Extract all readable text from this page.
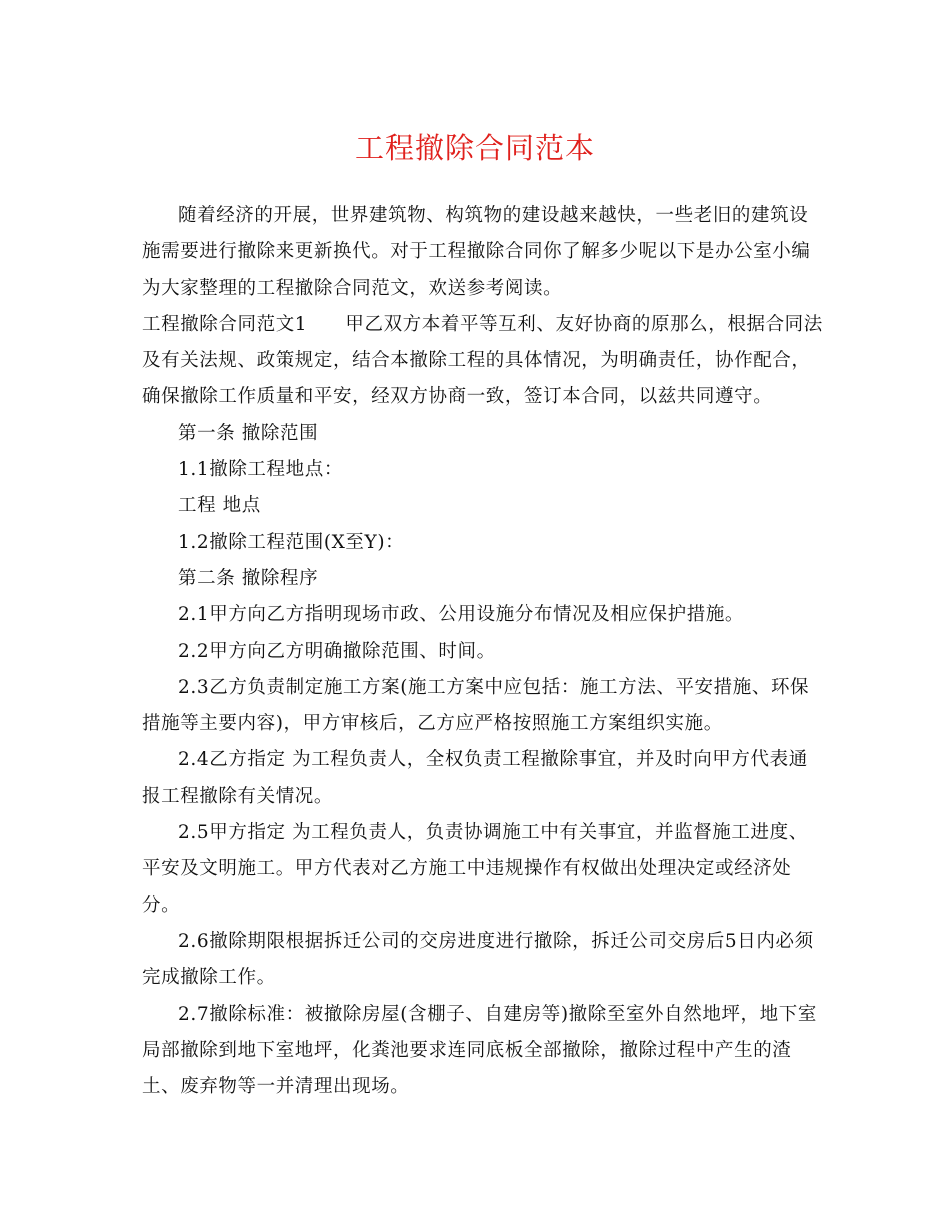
工程撤除合同范本
随着经济的开展，世界建筑物、构筑物的建设越来越快，一些老旧的建筑设
施需要进行撤除来更新换代。对于工程撤除合同你了解多少呢以下是办公室小编
为大家整理的工程撤除合同范文，欢送参考阅读。
工程撤除合同范文1　　甲乙双方本着平等互利、友好协商的原那么，根据合同法
及有关法规、政策规定，结合本撤除工程的具体情况，为明确责任，协作配合，
确保撤除工作质量和平安，经双方协商一致，签订本合同，以兹共同遵守。
第一条 撤除范围
1.1撤除工程地点：
工程 地点
1.2撤除工程范围(X至Y)：
第二条 撤除程序
2.1甲方向乙方指明现场市政、公用设施分布情况及相应保护措施。
2.2甲方向乙方明确撤除范围、时间。
2.3乙方负责制定施工方案(施工方案中应包括：施工方法、平安措施、环保
措施等主要内容)，甲方审核后，乙方应严格按照施工方案组织实施。
2.4乙方指定 为工程负责人，全权负责工程撤除事宜，并及时向甲方代表通
报工程撤除有关情况。
2.5甲方指定 为工程负责人，负责协调施工中有关事宜，并监督施工进度、
平安及文明施工。甲方代表对乙方施工中违规操作有权做出处理决定或经济处
分。
2.6撤除期限根据拆迁公司的交房进度进行撤除，拆迁公司交房后5日内必须
完成撤除工作。
2.7撤除标准：被撤除房屋(含棚子、自建房等)撤除至室外自然地坪，地下室
局部撤除到地下室地坪，化粪池要求连同底板全部撤除，撤除过程中产生的渣
土、废弃物等一并清理出现场。
